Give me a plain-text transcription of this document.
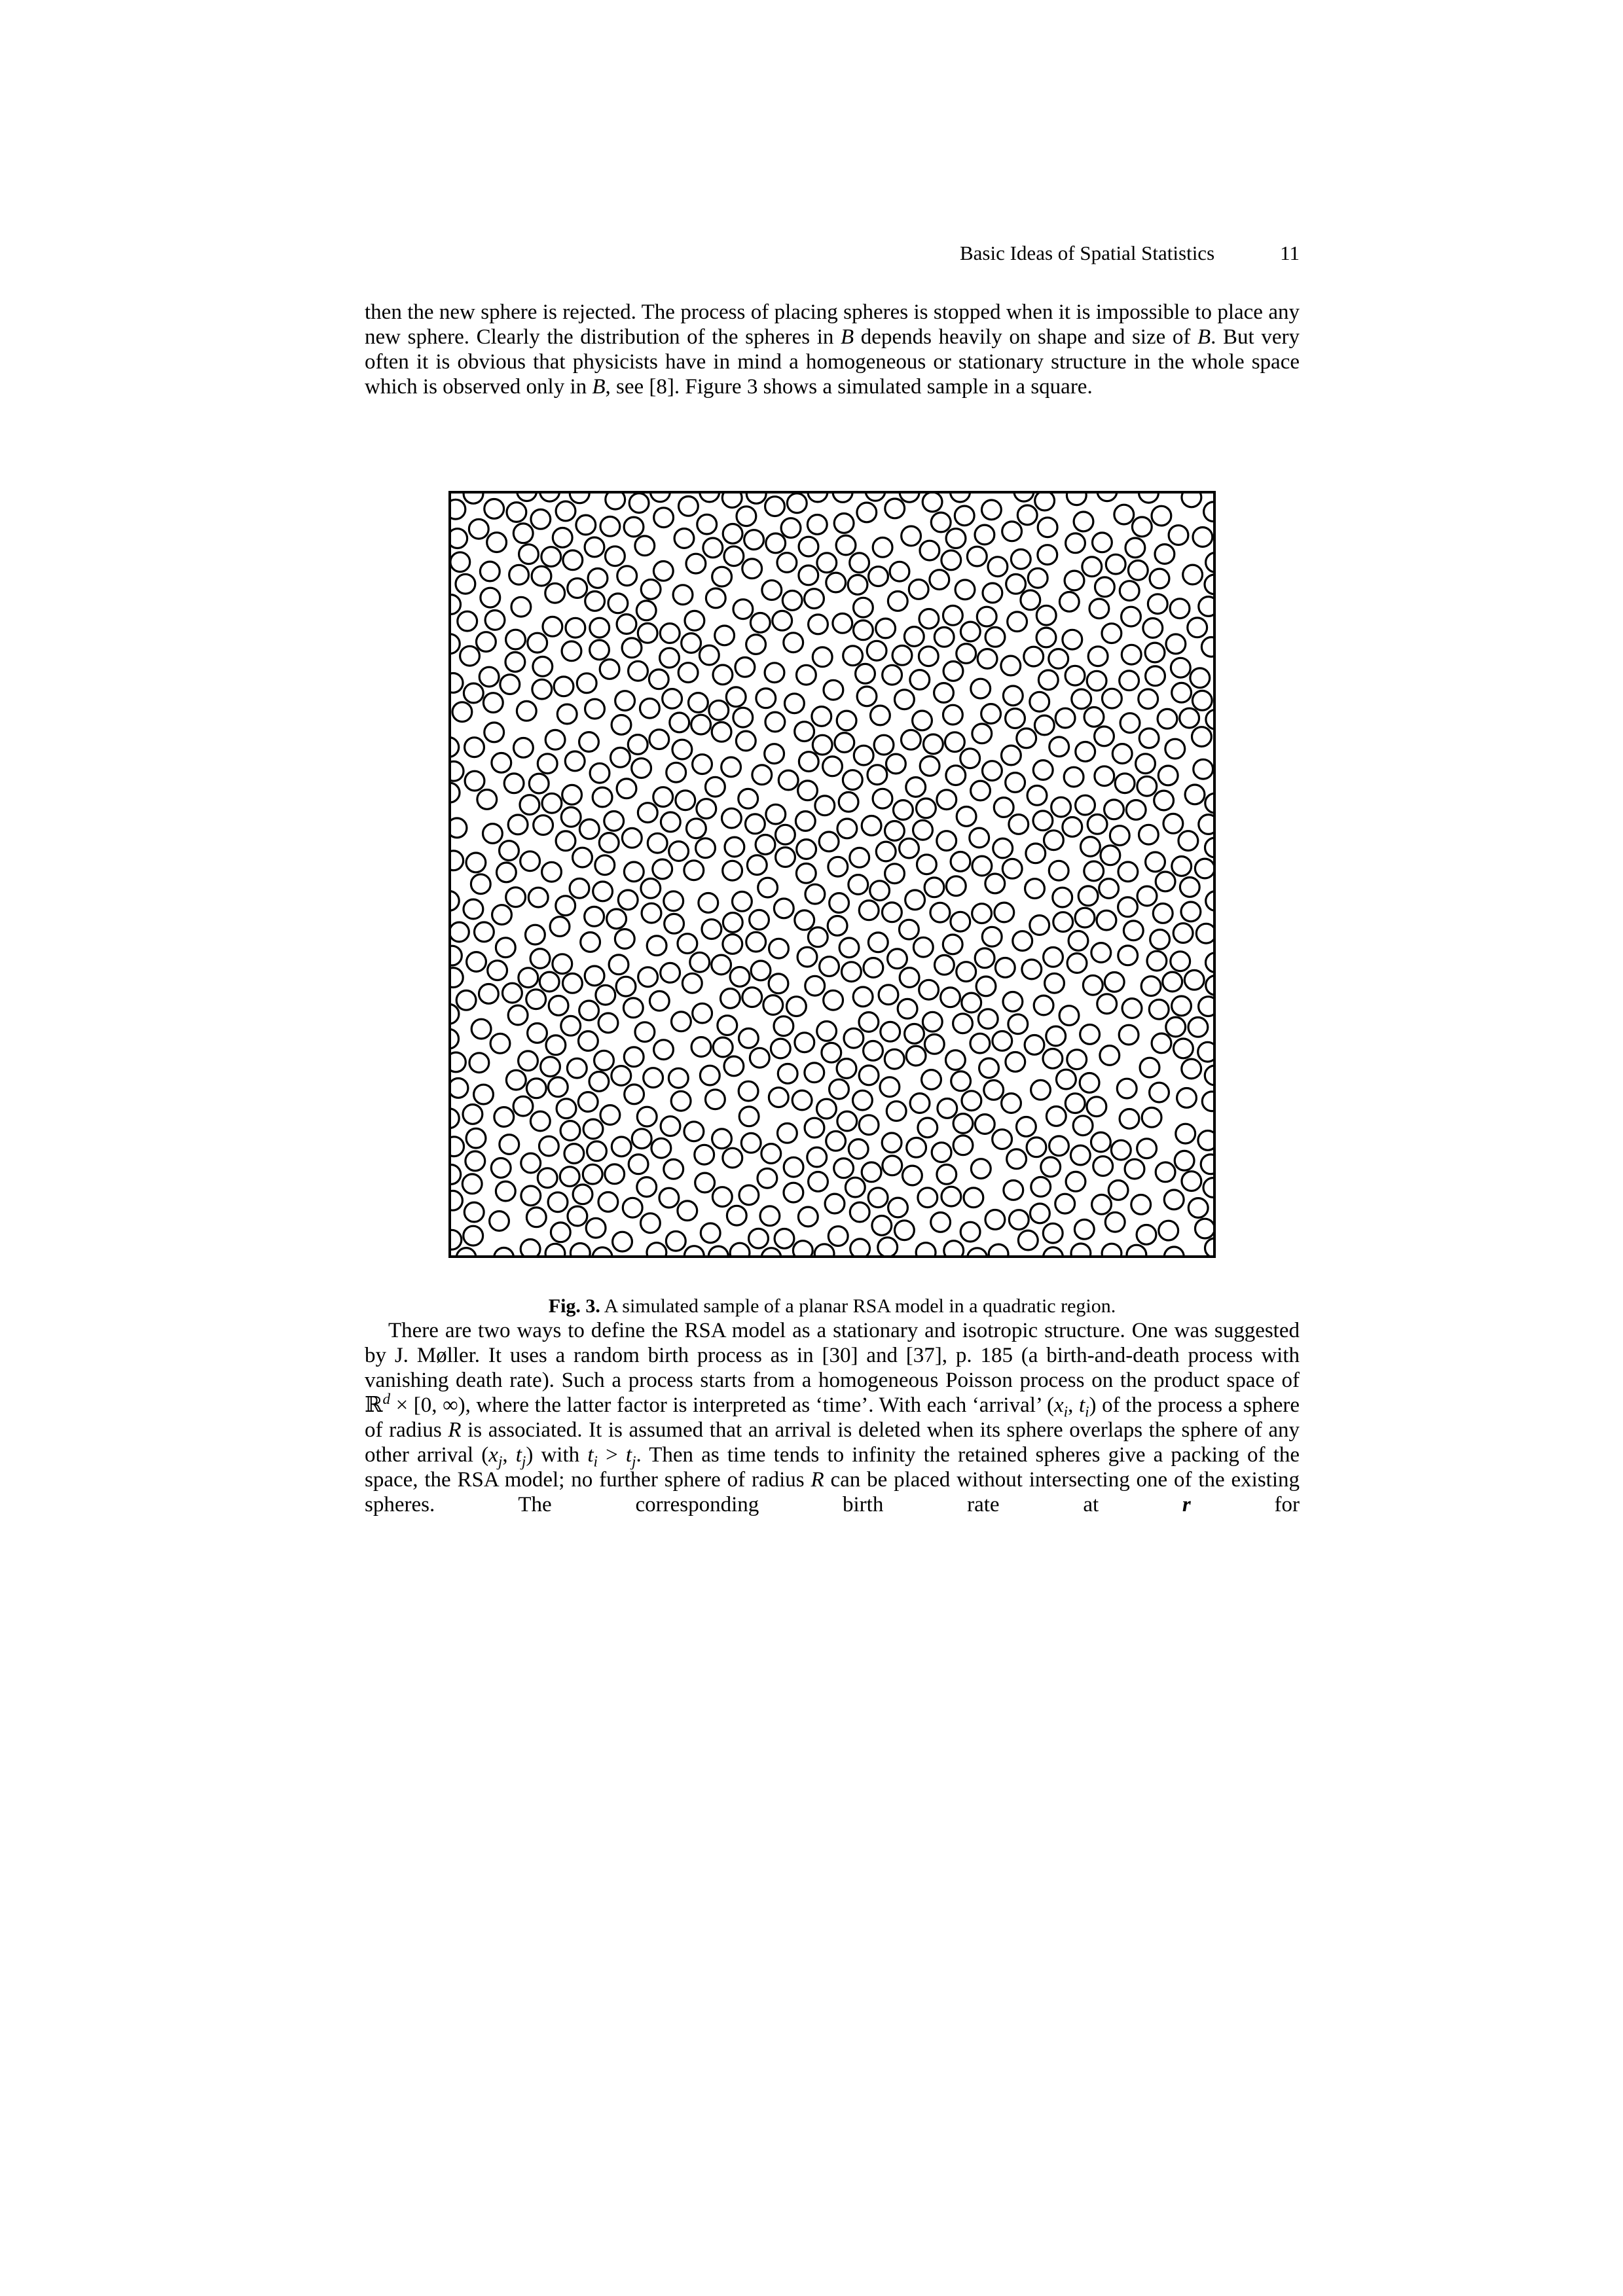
Basic Ideas of Spatial Statistics	11

then the new sphere is rejected. The process of placing spheres is stopped when it is impossible to place any new sphere. Clearly the distribution of the spheres in B depends heavily on shape and size of B. But very often it is obvious that physicists have in mind a homogeneous or stationary structure in the whole space which is observed only in B, see [8]. Figure 3 shows a simulated sample in a square.

Fig. 3. A simulated sample of a planar RSA model in a quadratic region.

There are two ways to define the RSA model as a stationary and isotropic structure. One was suggested by J. Møller. It uses a random birth process as in [30] and [37], p. 185 (a birth-and-death process with vanishing death rate). Such a process starts from a homogeneous Poisson process on the product space of ℝ$^d$ × [0, ∞), where the latter factor is interpreted as ‘time’. With each ‘arrival’ ($x_i$, $t_i$) of the process a sphere of radius R is associated. It is assumed that an arrival is deleted when its sphere overlaps the sphere of any other arrival ($x_j$, $t_j$) with $t_i > t_j$. Then as time tends to infinity the retained spheres give a packing of the space, the RSA model; no further sphere of radius R can be placed without intersecting one of the existing spheres. The corresponding birth rate at r for
